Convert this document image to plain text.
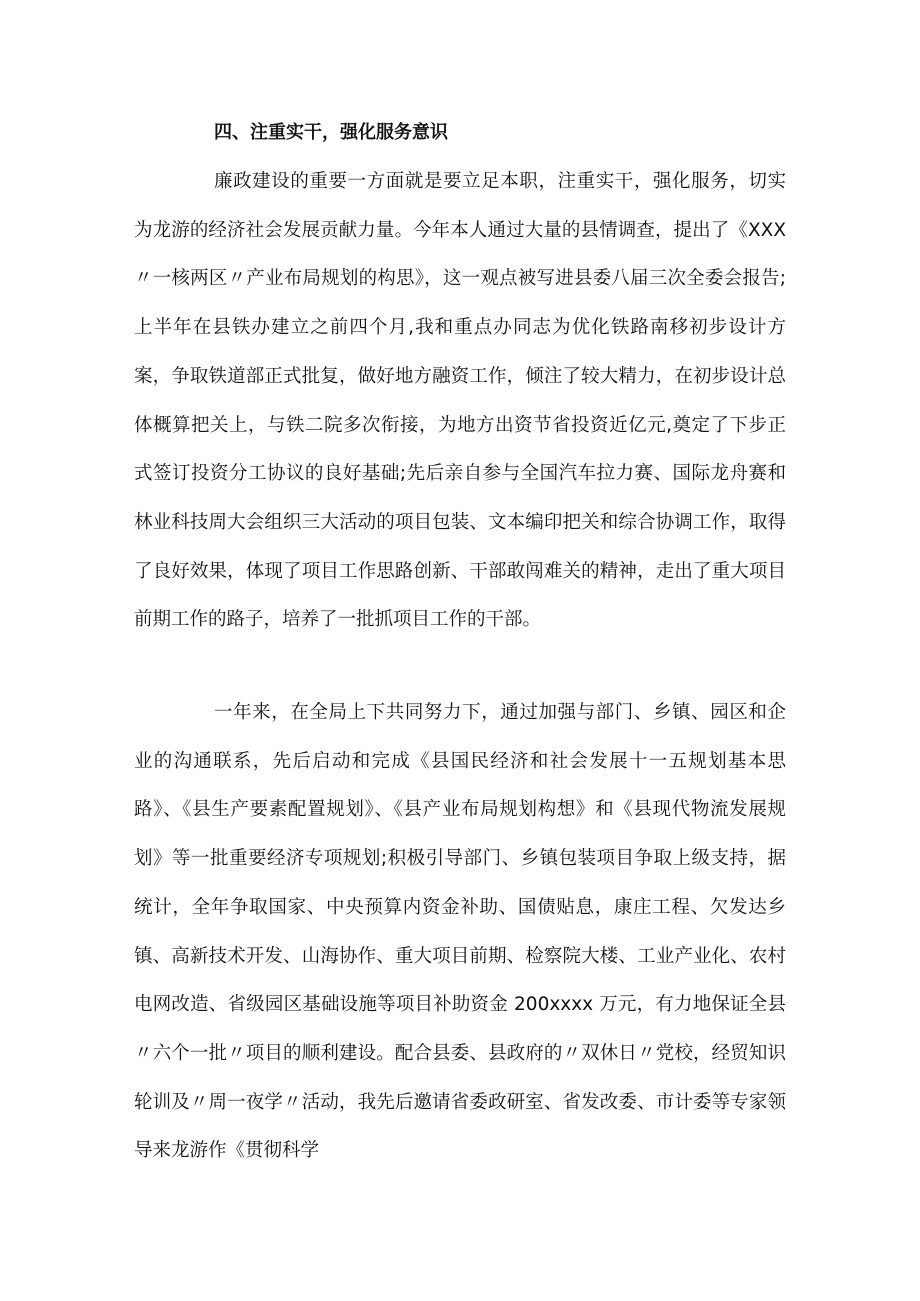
四、注重实干，强化服务意识

廉政建设的重要一方面就是要立足本职，注重实干，强化服务，切实为龙游的经济社会发展贡献力量。今年本人通过大量的县情调查，提出了《XXX〃一核两区〃产业布局规划的构思》，这一观点被写进县委八届三次全委会报告;上半年在县铁办建立之前四个月,我和重点办同志为优化铁路南移初步设计方案，争取铁道部正式批复，做好地方融资工作，倾注了较大精力，在初步设计总体概算把关上，与铁二院多次衔接，为地方出资节省投资近亿元,奠定了下步正式签订投资分工协议的良好基础;先后亲自参与全国汽车拉力赛、国际龙舟赛和林业科技周大会组织三大活动的项目包装、文本编印把关和综合协调工作，取得了良好效果，体现了项目工作思路创新、干部敢闯难关的精神，走出了重大项目前期工作的路子，培养了一批抓项目工作的干部。

一年来，在全局上下共同努力下，通过加强与部门、乡镇、园区和企业的沟通联系，先后启动和完成《县国民经济和社会发展十一五规划基本思路》、《县生产要素配置规划》、《县产业布局规划构想》和《县现代物流发展规划》等一批重要经济专项规划;积极引导部门、乡镇包装项目争取上级支持，据统计，全年争取国家、中央预算内资金补助、国债贴息，康庄工程、欠发达乡镇、高新技术开发、山海协作、重大项目前期、检察院大楼、工业产业化、农村电网改造、省级园区基础设施等项目补助资金 200xxxx 万元，有力地保证全县〃六个一批〃项目的顺利建设。配合县委、县政府的〃双休日〃党校，经贸知识轮训及〃周一夜学〃活动，我先后邀请省委政研室、省发改委、市计委等专家领导来龙游作《贯彻科学
